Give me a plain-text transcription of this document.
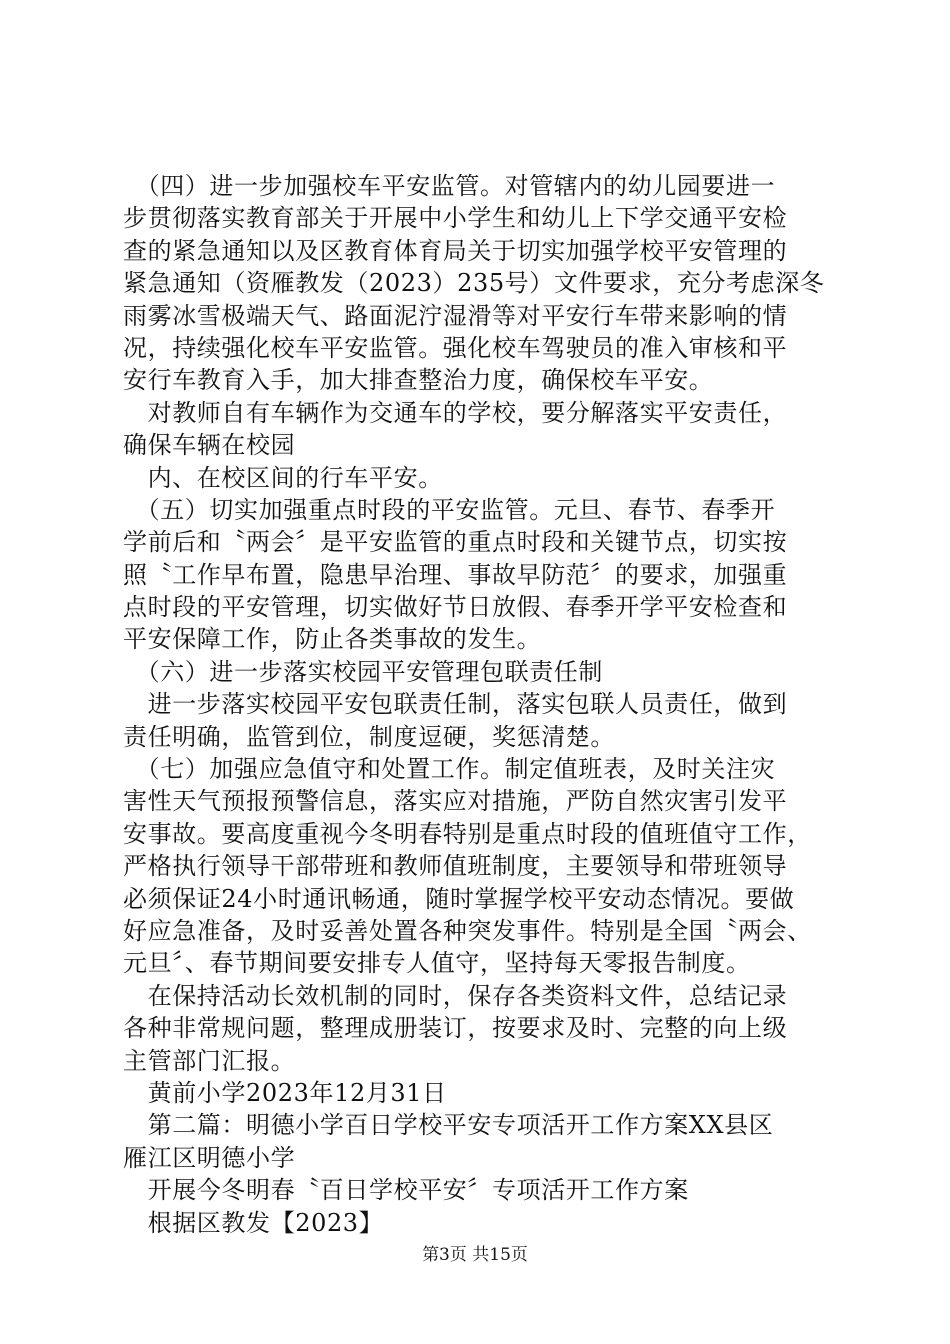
　（四）进一步加强校车平安监管。对管辖内的幼儿园要进一
步贯彻落实教育部关于开展中小学生和幼儿上下学交通平安检
查的紧急通知以及区教育体育局关于切实加强学校平安管理的
紧急通知（资雁教发（2023）235号）文件要求，充分考虑深冬
雨雾冰雪极端天气、路面泥泞湿滑等对平安行车带来影响的情
况，持续强化校车平安监管。强化校车驾驶员的准入审核和平
安行车教育入手，加大排查整治力度，确保校车平安。
　对教师自有车辆作为交通车的学校，要分解落实平安责任，
确保车辆在校园
　内、在校区间的行车平安。
　（五）切实加强重点时段的平安监管。元旦、春节、春季开
学前后和〝两会〞是平安监管的重点时段和关键节点，切实按
照〝工作早布置，隐患早治理、事故早防范〞的要求，加强重
点时段的平安管理，切实做好节日放假、春季开学平安检查和
平安保障工作，防止各类事故的发生。
　（六）进一步落实校园平安管理包联责任制
　进一步落实校园平安包联责任制，落实包联人员责任，做到
责任明确，监管到位，制度逗硬，奖惩清楚。
　（七）加强应急值守和处置工作。制定值班表，及时关注灾
害性天气预报预警信息，落实应对措施，严防自然灾害引发平
安事故。要高度重视今冬明春特别是重点时段的值班值守工作，
严格执行领导干部带班和教师值班制度，主要领导和带班领导
必须保证24小时通讯畅通，随时掌握学校平安动态情况。要做
好应急准备，及时妥善处置各种突发事件。特别是全国〝两会、
元旦〞、春节期间要安排专人值守，坚持每天零报告制度。
　在保持活动长效机制的同时，保存各类资料文件，总结记录
各种非常规问题，整理成册装订，按要求及时、完整的向上级
主管部门汇报。
　黄前小学2023年12月31日
　第二篇：明德小学百日学校平安专项活开工作方案XX县区
雁江区明德小学
　开展今冬明春〝百日学校平安〞专项活开工作方案
　根据区教发【2023】
第3页 共15页
